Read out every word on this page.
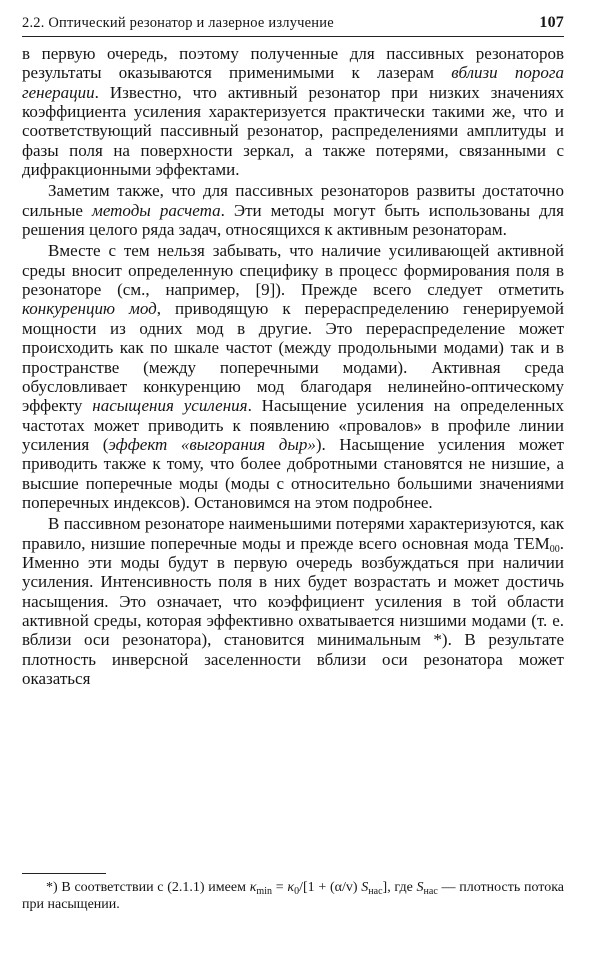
2.2. Оптический резонатор и лазерное излучение	107

в первую очередь, поэтому полученные для пассивных резонаторов результаты оказываются применимыми к лазерам вблизи порога генерации. Известно, что активный резонатор при низких значениях коэффициента усиления характеризуется практически такими же, что и соответствующий пассивный резонатор, распределениями амплитуды и фазы поля на поверхности зеркал, а также потерями, связанными с дифракционными эффектами.

Заметим также, что для пассивных резонаторов развиты достаточно сильные методы расчета. Эти методы могут быть использованы для решения целого ряда задач, относящихся к активным резонаторам.

Вместе с тем нельзя забывать, что наличие усиливающей активной среды вносит определенную специфику в процесс формирования поля в резонаторе (см., например, [9]). Прежде всего следует отметить конкуренцию мод, приводящую к перераспределению генерируемой мощности из одних мод в другие. Это перераспределение может происходить как по шкале частот (между продольными модами) так и в пространстве (между поперечными модами). Активная среда обусловливает конкуренцию мод благодаря нелинейно-оптическому эффекту насыщения усиления. Насыщение усиления на определенных частотах может приводить к появлению «провалов» в профиле линии усиления (эффект «выгорания дыр»). Насыщение усиления может приводить также к тому, что более добротными становятся не низшие, а высшие поперечные моды (моды с относительно большими значениями поперечных индексов). Остановимся на этом подробнее.

В пассивном резонаторе наименьшими потерями характеризуются, как правило, низшие поперечные моды и прежде всего основная мода $TEM_{00}$. Именно эти моды будут в первую очередь возбуждаться при наличии усиления. Интенсивность поля в них будет возрастать и может достичь насыщения. Это означает, что коэффициент усиления в той области активной среды, которая эффективно охватывается низшими модами (т. е. вблизи оси резонатора), становится минимальным *). В результате плотность инверсной заселенности вблизи оси резонатора может оказаться

*) В соответствии с (2.1.1) имеем $\kappa_{min} = \kappa_0/[1 + (\alpha/v)$ $S_{нас}$], где $S_{нас}$ — плотность потока при насыщении.
